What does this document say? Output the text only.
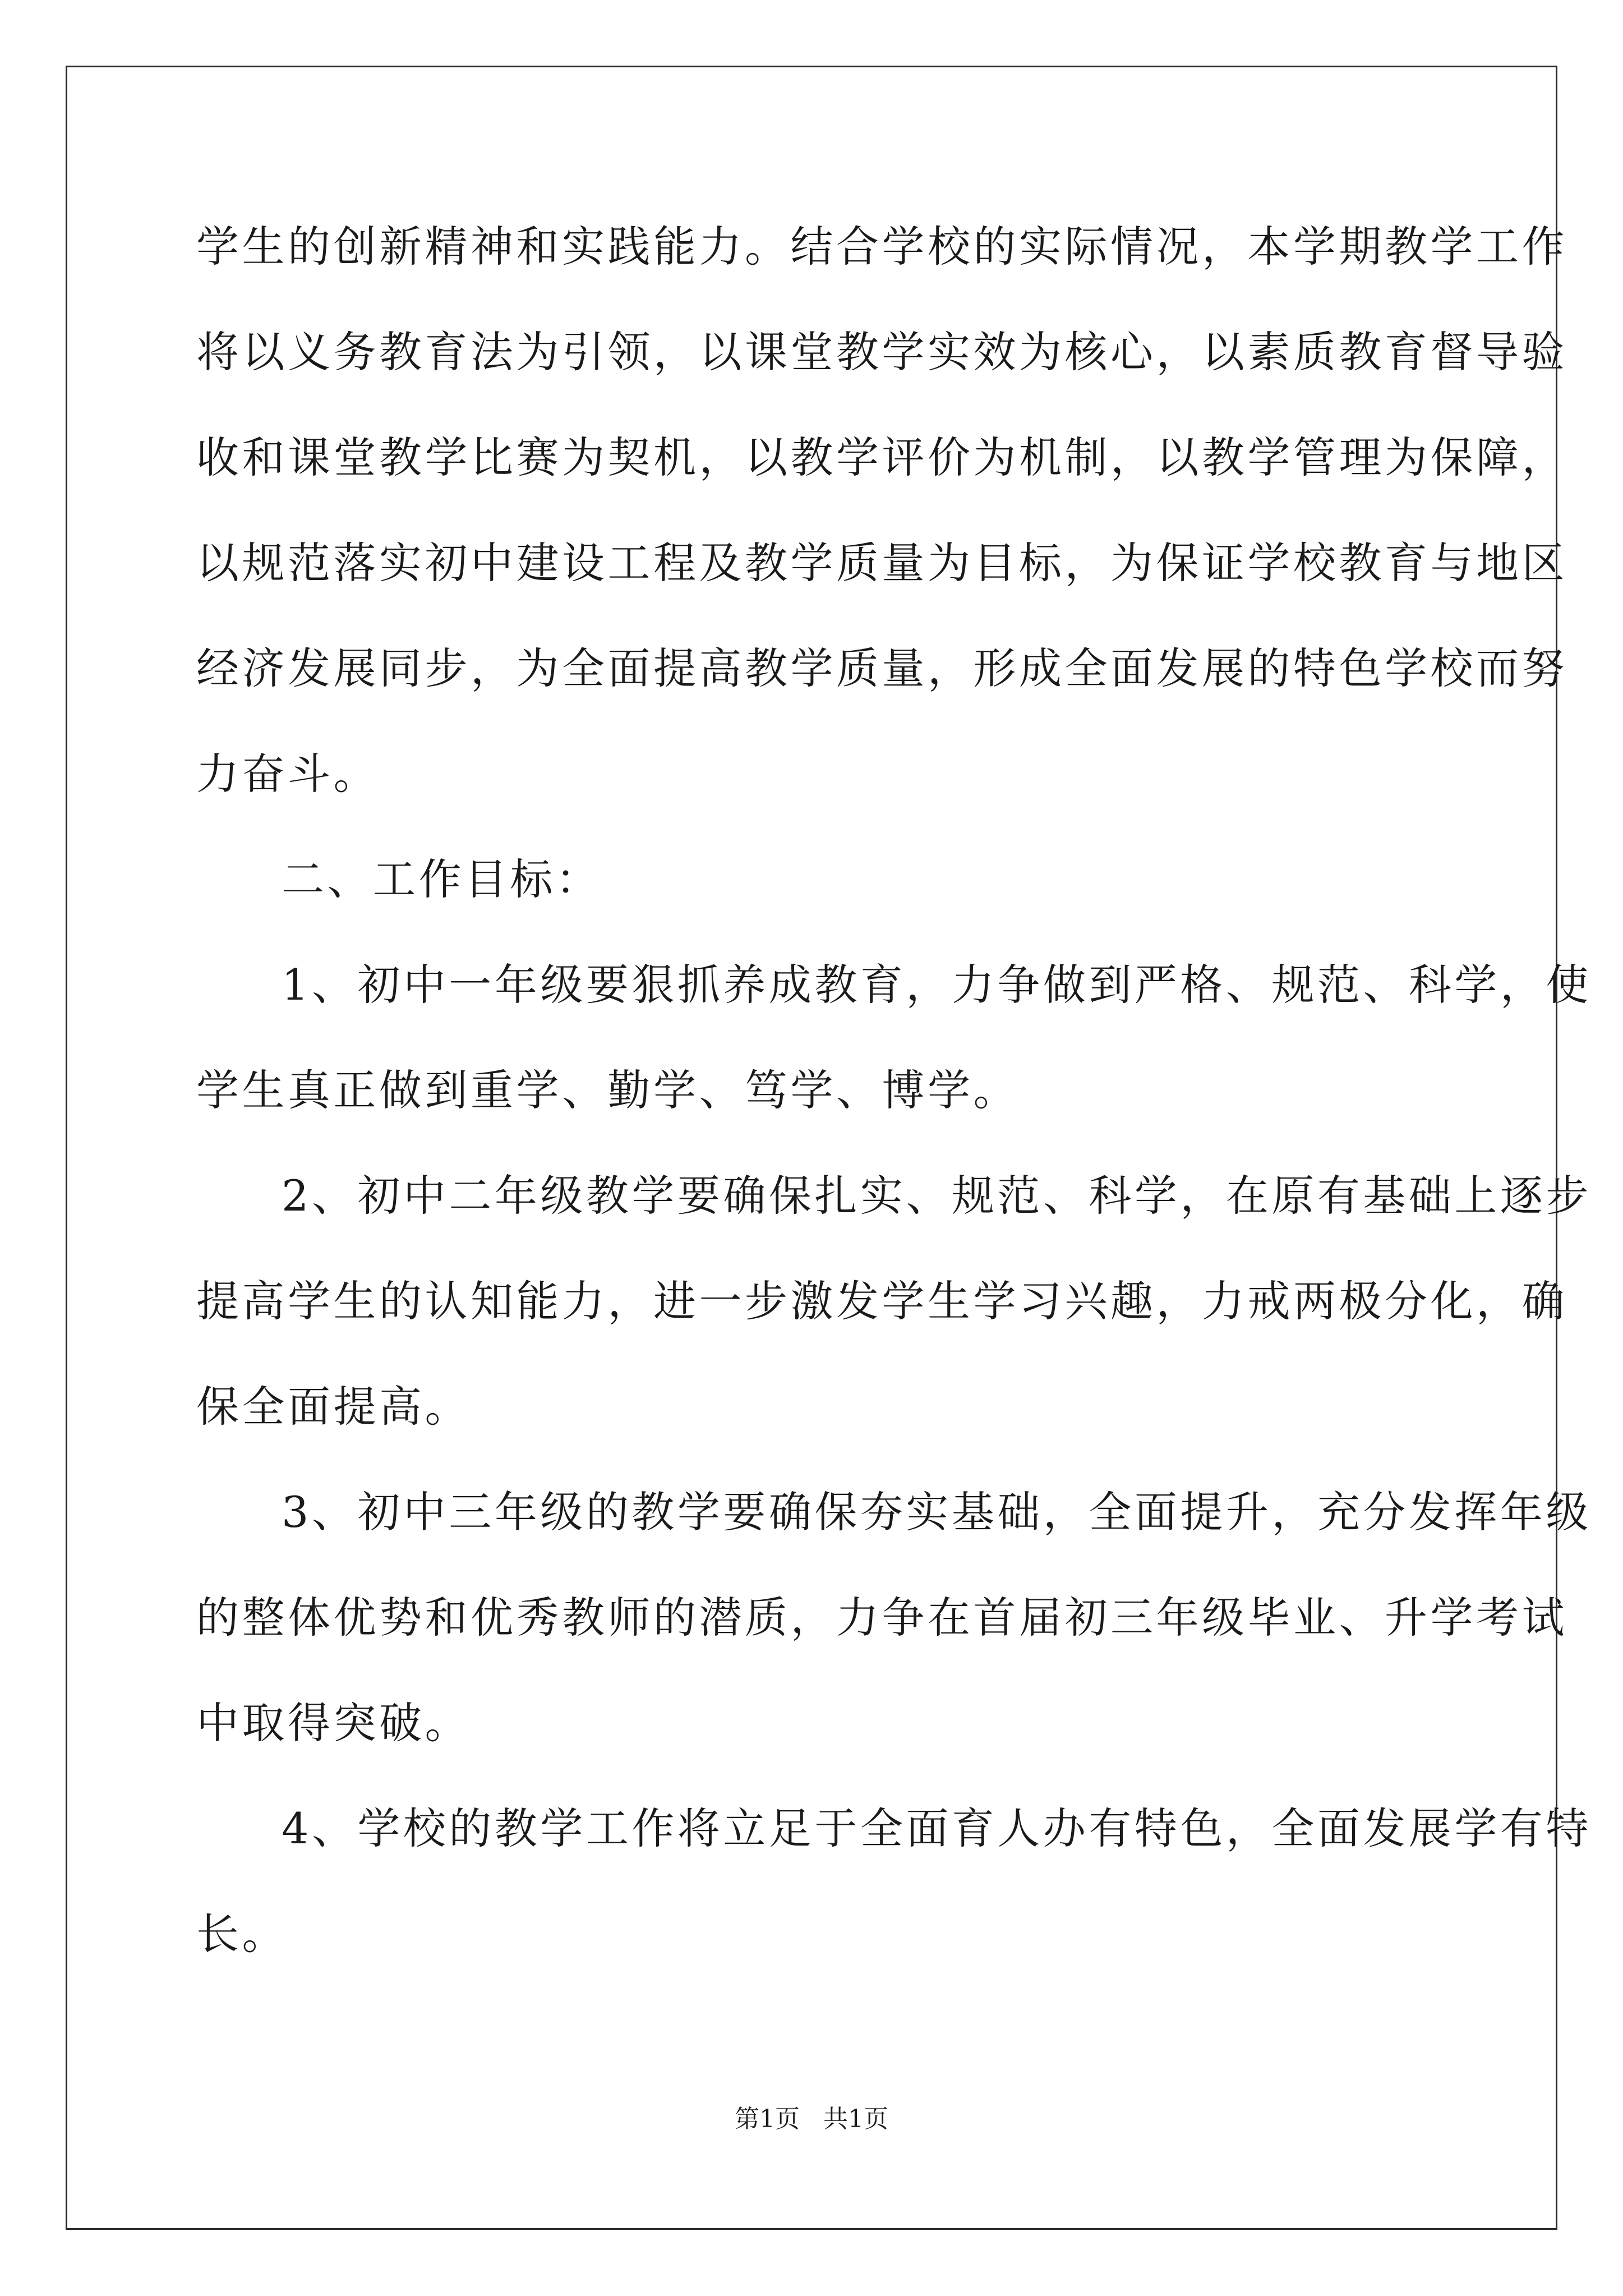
学生的创新精神和实践能力。结合学校的实际情况，本学期教学工作
将以义务教育法为引领，以课堂教学实效为核心，以素质教育督导验
收和课堂教学比赛为契机，以教学评价为机制，以教学管理为保障，
以规范落实初中建设工程及教学质量为目标，为保证学校教育与地区
经济发展同步，为全面提高教学质量，形成全面发展的特色学校而努
力奋斗。
二、工作目标：
1、初中一年级要狠抓养成教育，力争做到严格、规范、科学，使
学生真正做到重学、勤学、笃学、博学。
2、初中二年级教学要确保扎实、规范、科学，在原有基础上逐步
提高学生的认知能力，进一步激发学生学习兴趣，力戒两极分化，确
保全面提高。
3、初中三年级的教学要确保夯实基础，全面提升，充分发挥年级
的整体优势和优秀教师的潜质，力争在首届初三年级毕业、升学考试
中取得突破。
4、学校的教学工作将立足于全面育人办有特色，全面发展学有特
长。
第1页   共1页
